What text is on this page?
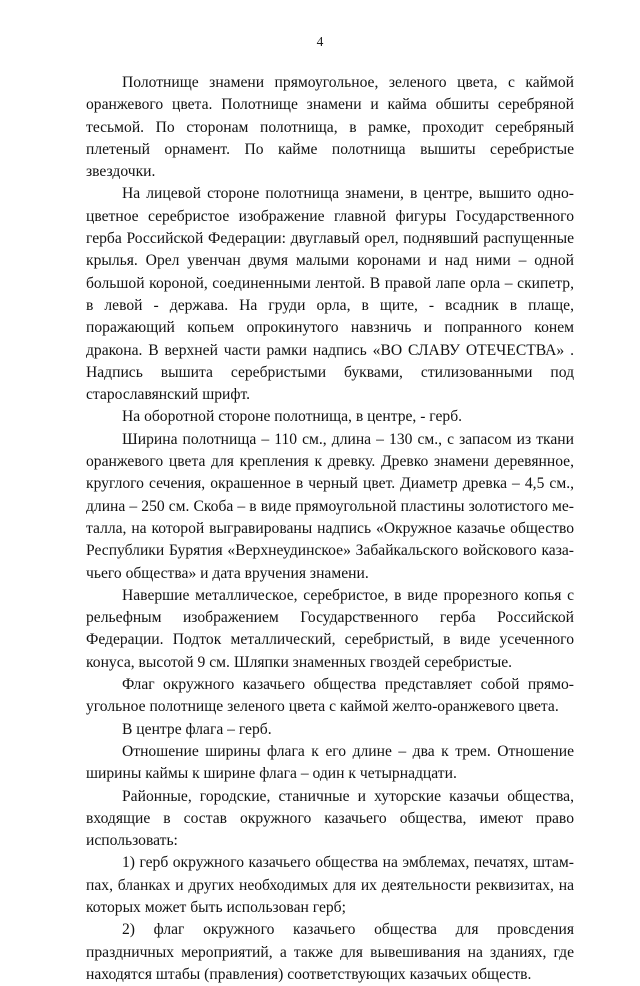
4

Полотнище знамени прямоугольное, зеленого цвета, с каймой оранжевого цвета. Полотнище знамени и кайма обшиты серебряной тесьмой. По сторонам полотнища, в рамке, проходит серебряный плетеный орнамент. По кайме полотнища вышиты серебристые звездочки.

На лицевой стороне полотнища знамени, в центре, вышито одноцветное серебристое изображение главной фигуры Государственного герба Российской Федерации: двуглавый орел, поднявший распущенные крылья. Орел увенчан двумя малыми коронами и над ними – одной большой короной, соединенными лентой. В правой лапе орла – скипетр, в левой - держава. На груди орла, в щите, - всадник в плаще, поражающий копьем опрокинутого навзничь и попранного конем дракона. В верхней части рамки надпись «ВО СЛАВУ ОТЕЧЕСТВА» . Надпись вышита серебристыми буквами, стилизованными под старославянский шрифт.

На оборотной стороне полотнища, в центре, - герб.

Ширина полотнища – 110 см., длина – 130 см., с запасом из ткани оранжевого цвета для крепления к древку. Древко знамени деревянное, круглого сечения, окрашенное в черный цвет. Диаметр древка – 4,5 см., длина – 250 см. Скоба – в виде прямоугольной пластины золотистого металла, на которой выгравированы надпись «Окружное казачье общество Республики Бурятия «Верхнеудинское» Забайкальского войскового казачьего общества» и дата вручения знамени.

Навершие металлическое, серебристое, в виде прорезного копья с рельефным изображением Государственного герба Российской Федерации. Подток металлический, серебристый, в виде усеченного конуса, высотой 9 см. Шляпки знаменных гвоздей серебристые.

Флаг окружного казачьего общества представляет собой прямоугольное полотнище зеленого цвета с каймой желто-оранжевого цвета.

В центре флага – герб.

Отношение ширины флага к его длине – два к трем. Отношение ширины каймы к ширине флага – один к четырнадцати.

Районные, городские, станичные и хуторские казачьи общества, входящие в состав окружного казачьего общества, имеют право использовать:

1) герб окружного казачьего общества на эмблемах, печатях, штампах, бланках и других необходимых для их деятельности реквизитах, на которых может быть использован герб;

2) флаг окружного казачьего общества для провсдения праздничных мероприятий, а также для вывешивания на зданиях, где находятся штабы (правления) соответствующих казачьих обществ.
